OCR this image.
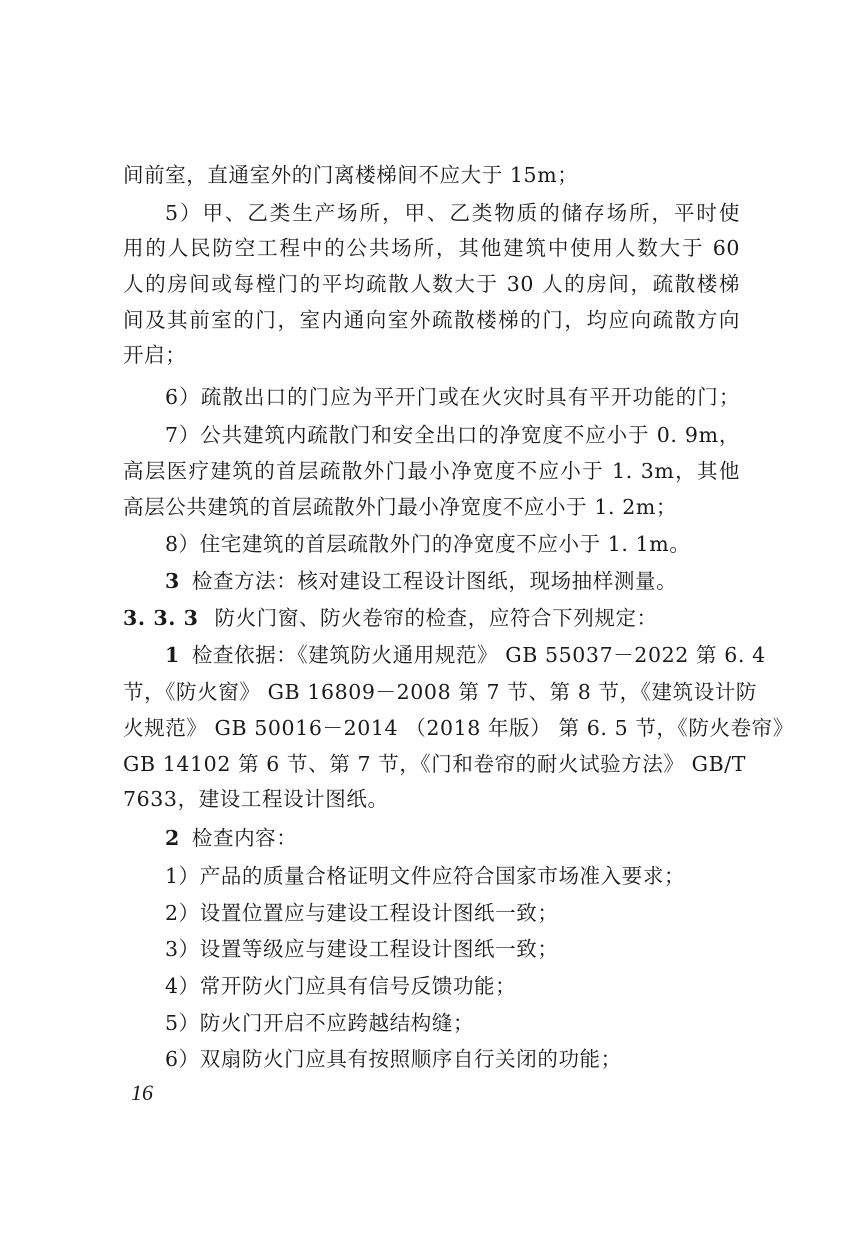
间前室，直通室外的门离楼梯间不应大于 15m；
5）甲、乙类生产场所，甲、乙类物质的储存场所，平时使
用的人民防空工程中的公共场所，其他建筑中使用人数大于 60
人的房间或每樘门的平均疏散人数大于 30 人的房间，疏散楼梯
间及其前室的门，室内通向室外疏散楼梯的门，均应向疏散方向
开启；
6）疏散出口的门应为平开门或在火灾时具有平开功能的门；
7）公共建筑内疏散门和安全出口的净宽度不应小于 0. 9m，
高层医疗建筑的首层疏散外门最小净宽度不应小于 1. 3m，其他
高层公共建筑的首层疏散外门最小净宽度不应小于 1. 2m；
8）住宅建筑的首层疏散外门的净宽度不应小于 1. 1m。
3 检查方法：核对建设工程设计图纸，现场抽样测量。
3. 3. 3 防火门窗、防火卷帘的检查，应符合下列规定：
1 检查依据：《建筑防火通用规范》 GB 55037－2022 第 6. 4
节，《防火窗》 GB 16809－2008 第 7 节、第 8 节，《建筑设计防
火规范》 GB 50016－2014 （2018 年版） 第 6. 5 节，《防火卷帘》
GB 14102 第 6 节、第 7 节，《门和卷帘的耐火试验方法》 GB/T
7633，建设工程设计图纸。
2 检查内容：
1）产品的质量合格证明文件应符合国家市场准入要求；
2）设置位置应与建设工程设计图纸一致；
3）设置等级应与建设工程设计图纸一致；
4）常开防火门应具有信号反馈功能；
5）防火门开启不应跨越结构缝；
6）双扇防火门应具有按照顺序自行关闭的功能；
16
